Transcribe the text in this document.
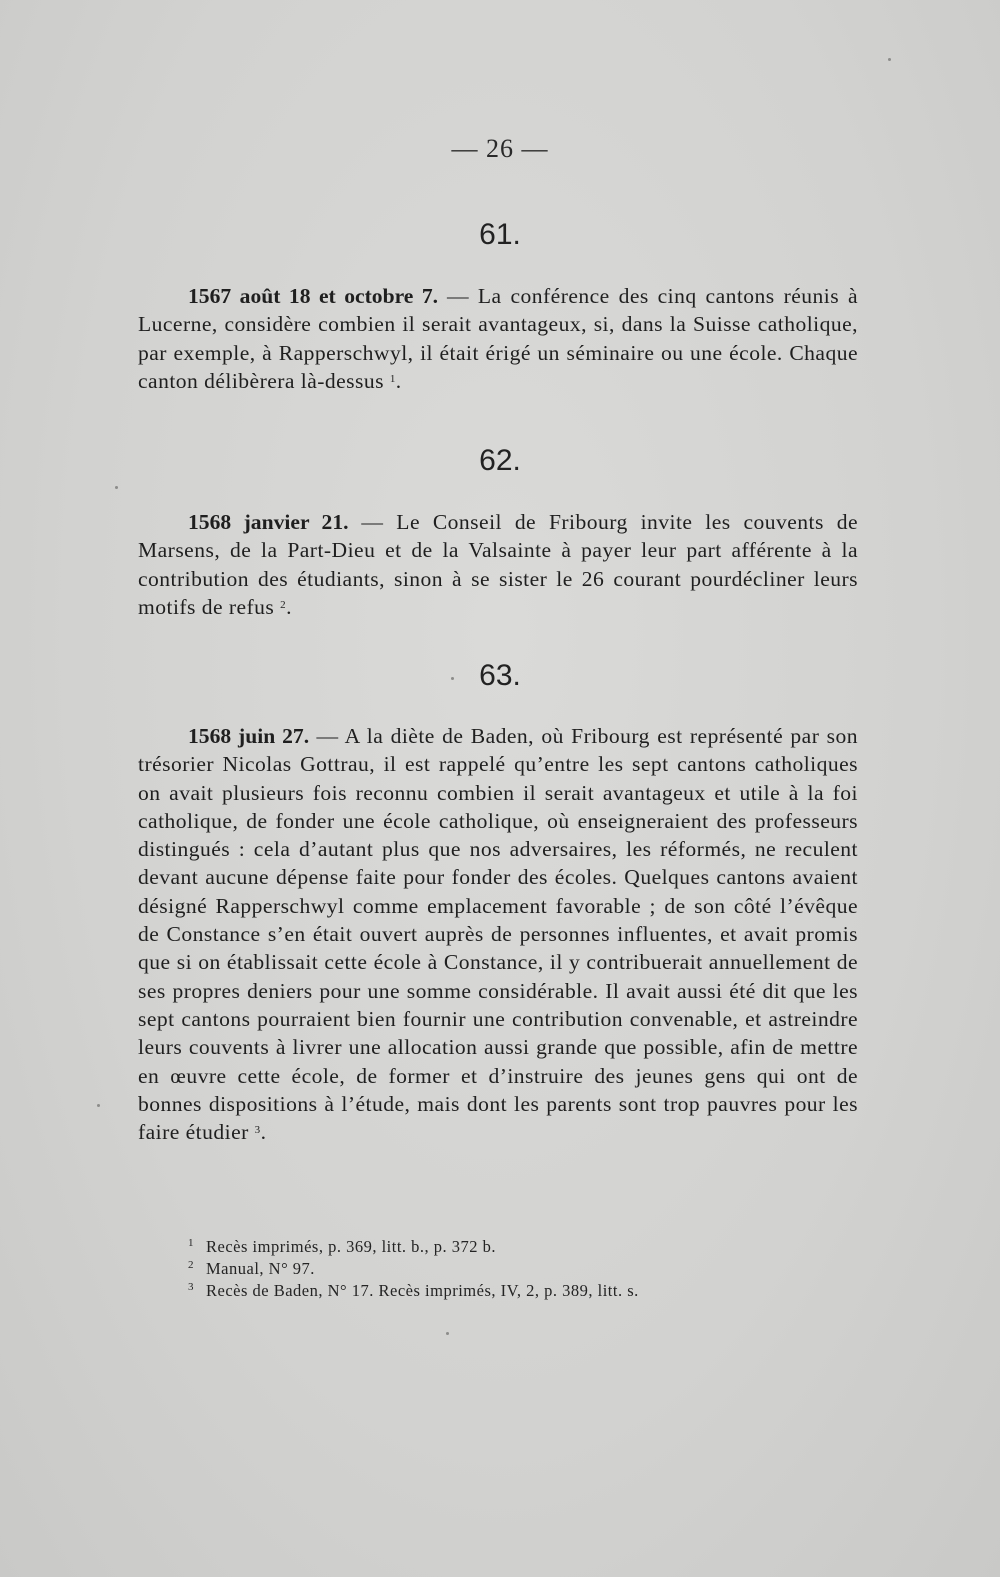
— 26 —
61.

1567 août 18 et octobre 7. — La conférence des cinq cantons réunis à Lucerne, considère combien il serait avantageux, si, dans la Suisse catholique, par exemple, à Rapperschwyl, il était érigé un séminaire ou une école. Chaque canton délibèrera là-dessus $^1$.

62.

1568 janvier 21. — Le Conseil de Fribourg invite les couvents de Marsens, de la Part-Dieu et de la Valsainte à payer leur part afférente à la contribution des étudiants, sinon à se sister le 26 courant pourdécliner leurs motifs de refus $^2$.

63.

1568 juin 27. — A la diète de Baden, où Fribourg est représenté par son trésorier Nicolas Gottrau, il est rappelé qu’entre les sept cantons catholiques on avait plusieurs fois reconnu combien il serait avantageux et utile à la foi catholique, de fonder une école catholique, où enseigneraient des professeurs distingués : cela d’autant plus que nos adversaires, les réformés, ne reculent devant aucune dépense faite pour fonder des écoles. Quelques cantons avaient désigné Rapperschwyl comme emplacement favorable ; de son côté l’évêque de Constance s’en était ouvert auprès de personnes influentes, et avait promis que si on établissait cette école à Constance, il y contribuerait annuellement de ses propres deniers pour une somme considérable. Il avait aussi été dit que les sept cantons pourraient bien fournir une contribution convenable, et astreindre leurs couvents à livrer une allocation aussi grande que possible, afin de mettre en œuvre cette école, de former et d’instruire des jeunes gens qui ont de bonnes dispositions à l’étude, mais dont les parents sont trop pauvres pour les faire étudier $^3$.

$^1$ Recès imprimés, p. 369, litt. b., p. 372 b.
$^2$ Manual, N° 97.
$^3$ Recès de Baden, N° 17. Recès imprimés, IV, 2, p. 389, litt. s.
